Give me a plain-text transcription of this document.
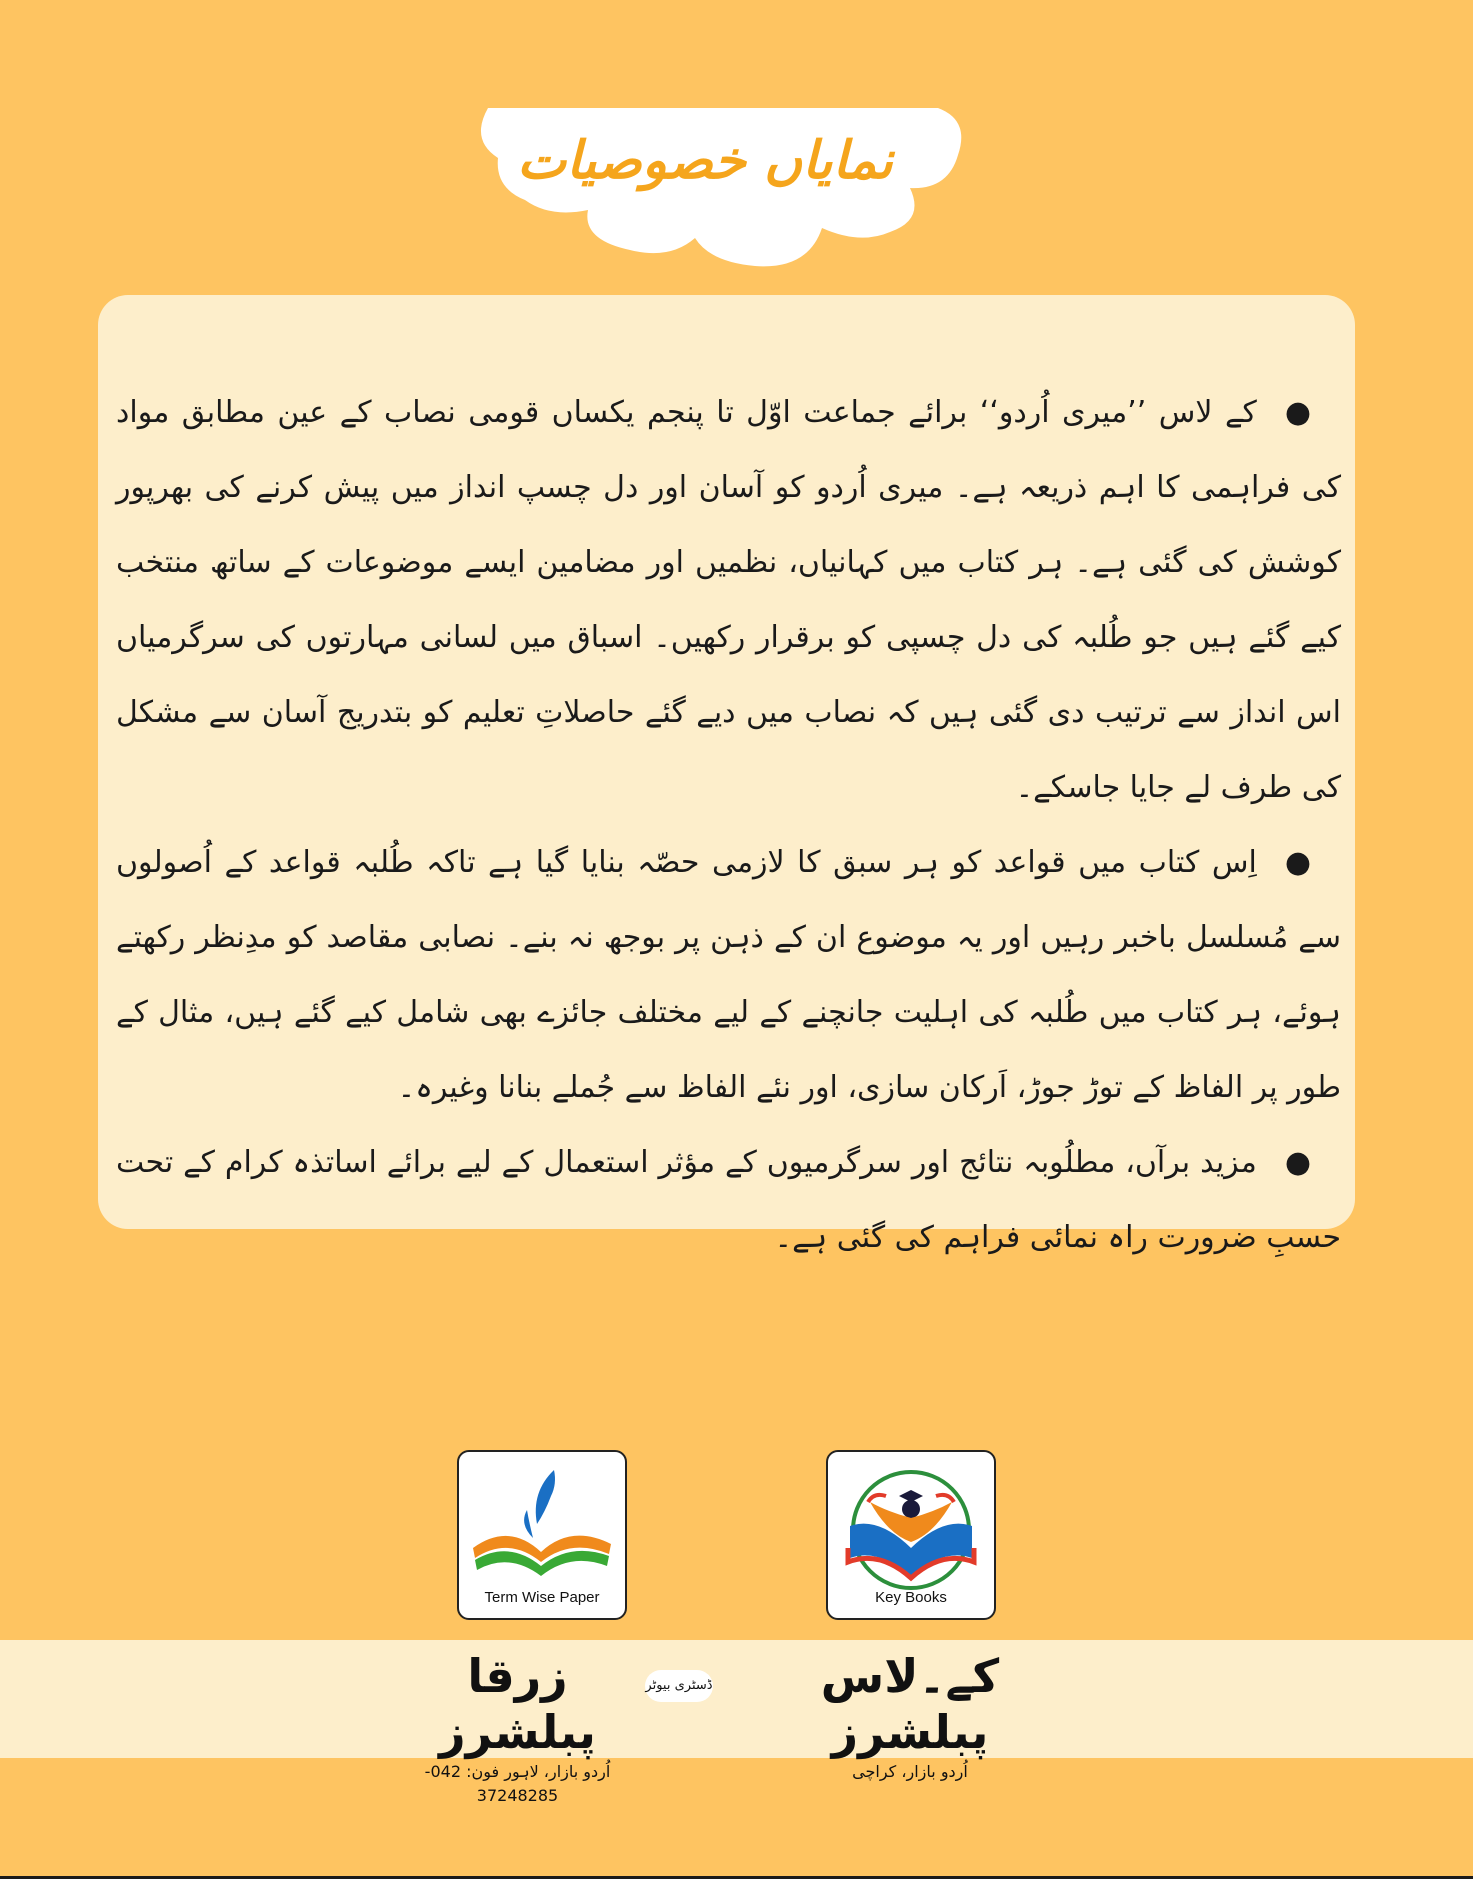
نمایاں خصوصیات

●کے لاس ’’میری اُردو‘‘ برائے جماعت اوّل تا پنجم یکساں قومی نصاب کے عین مطابق مواد کی فراہمی کا اہم ذریعہ ہے۔ میری اُردو کو آسان اور دل چسپ انداز میں پیش کرنے کی بھرپور کوشش کی گئی ہے۔ ہر کتاب میں کہانیاں، نظمیں اور مضامین ایسے موضوعات کے ساتھ منتخب کیے گئے ہیں جو طُلبہ کی دل چسپی کو برقرار رکھیں۔ اسباق میں لسانی مہارتوں کی سرگرمیاں اس انداز سے ترتیب دی گئی ہیں کہ نصاب میں دیے گئے حاصلاتِ تعلیم کو بتدریج آسان سے مشکل کی طرف لے جایا جاسکے۔

●اِس کتاب میں قواعد کو ہر سبق کا لازمی حصّہ بنایا گیا ہے تاکہ طُلبہ قواعد کے اُصولوں سے مُسلسل باخبر رہیں اور یہ موضوع ان کے ذہن پر بوجھ نہ بنے۔ نصابی مقاصد کو مدِنظر رکھتے ہوئے، ہر کتاب میں طُلبہ کی اہلیت جانچنے کے لیے مختلف جائزے بھی شامل کیے گئے ہیں، مثال کے طور پر الفاظ کے توڑ جوڑ، اَرکان سازی، اور نئے الفاظ سے جُملے بنانا وغیرہ۔

●مزید برآں، مطلُوبہ نتائج اور سرگرمیوں کے مؤثر استعمال کے لیے برائے اساتذہ کرام کے تحت حسبِ ضرورت راہ نمائی فراہم کی گئی ہے۔

Term Wise Paper	Key Books
کے۔لاس پبلشرز
اُردو بازار، کراچی
ڈسٹری بیوٹر
زرقا پبلشرز
اُردو بازار، لاہور فون: 042-37248285
